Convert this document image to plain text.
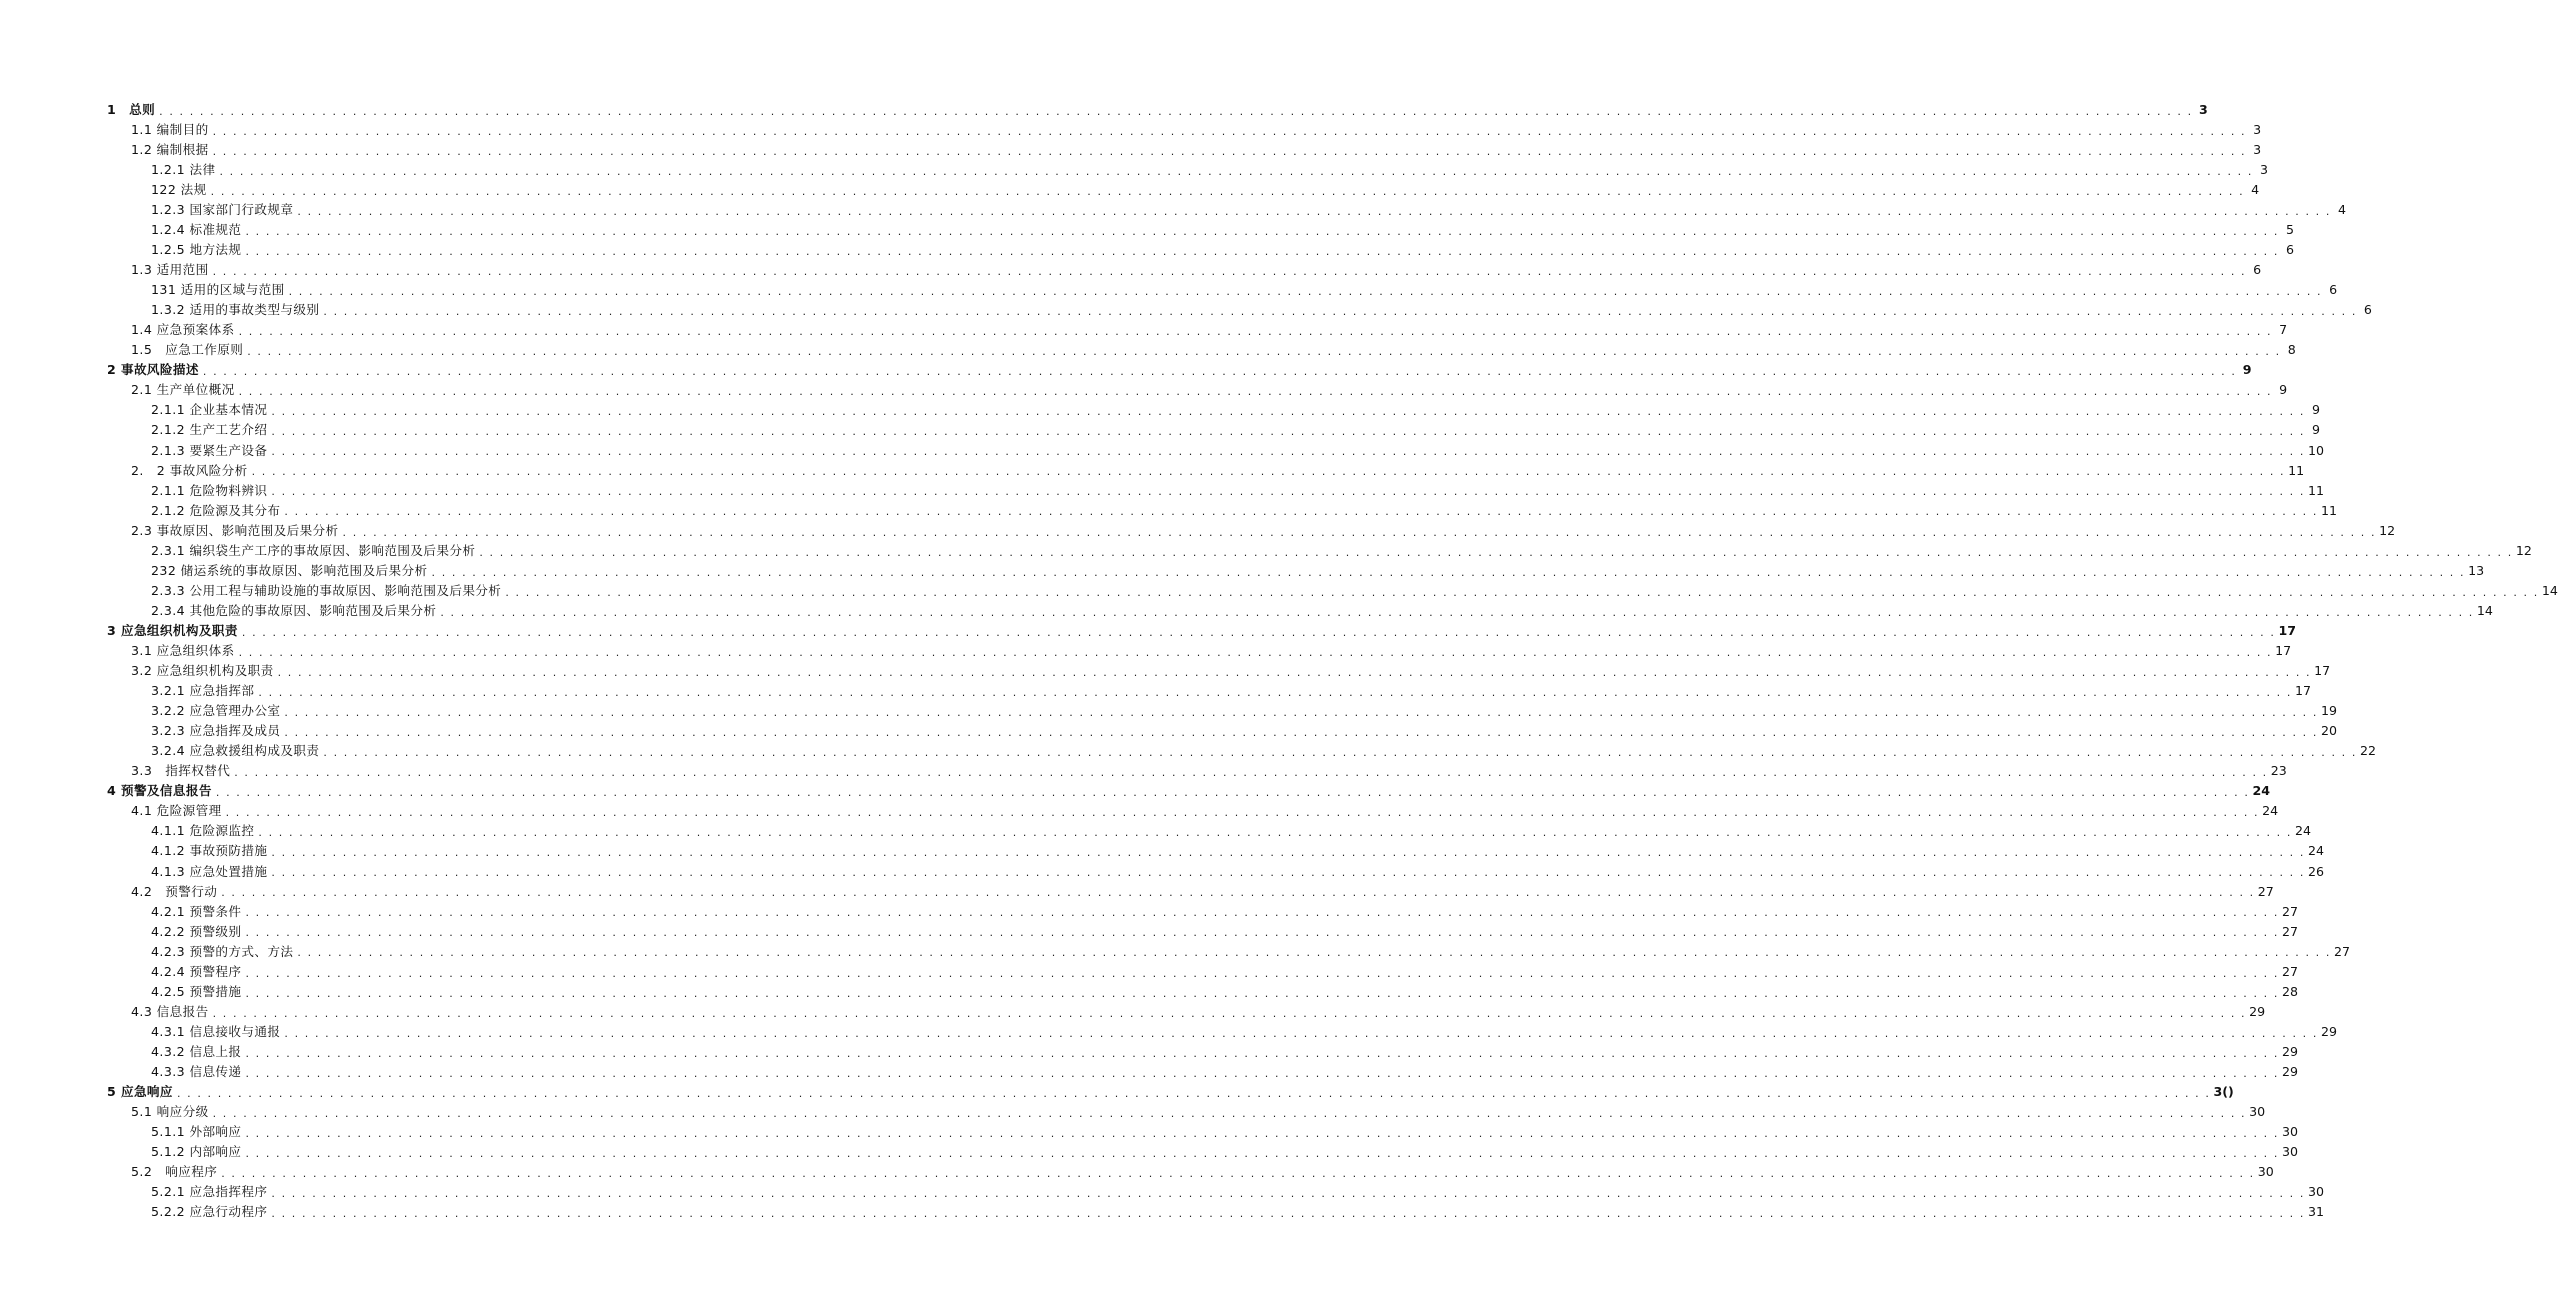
1　总则 . . . . . . . . . . . . . . . . . . . . . . . . . . . . . . . . . . . . . . . . . . . . . . . . . . . . . . . . . . . . . . . . . . . . . . . . . . . . . . . . . . . . . . . . . . . . . . . . . . . . . . . . . . . . . . . . . . . . . . . . . . . . . . . . . . . . . . . . . . . . . . . . . . . . . . . . . . . . . . . . . . . . . . . . . . . . . . . . . . . . . . . . . . . . . . . . . . . . . . . . 3
1.1 编制目的 . . . . . . . . . . . . . . . . . . . . . . . . . . . . . . . . . . . . . . . . . . . . . . . . . . . . . . . . . . . . . . . . . . . . . . . . . . . . . . . . . . . . . . . . . . . . . . . . . . . . . . . . . . . . . . . . . . . . . . . . . . . . . . . . . . . . . . . . . . . . . . . . . . . . . . . . . . . . . . . . . . . . . . . . . . . . . . . . . . . . . . . . . . . . . . . . . . . . . . . . 3
1.2 编制根据 . . . . . . . . . . . . . . . . . . . . . . . . . . . . . . . . . . . . . . . . . . . . . . . . . . . . . . . . . . . . . . . . . . . . . . . . . . . . . . . . . . . . . . . . . . . . . . . . . . . . . . . . . . . . . . . . . . . . . . . . . . . . . . . . . . . . . . . . . . . . . . . . . . . . . . . . . . . . . . . . . . . . . . . . . . . . . . . . . . . . . . . . . . . . . . . . . . . . . . . . 3
1.2.1 法律 . . . . . . . . . . . . . . . . . . . . . . . . . . . . . . . . . . . . . . . . . . . . . . . . . . . . . . . . . . . . . . . . . . . . . . . . . . . . . . . . . . . . . . . . . . . . . . . . . . . . . . . . . . . . . . . . . . . . . . . . . . . . . . . . . . . . . . . . . . . . . . . . . . . . . . . . . . . . . . . . . . . . . . . . . . . . . . . . . . . . . . . . . . . . . . . . . . . . . . . . 3
122 法规 . . . . . . . . . . . . . . . . . . . . . . . . . . . . . . . . . . . . . . . . . . . . . . . . . . . . . . . . . . . . . . . . . . . . . . . . . . . . . . . . . . . . . . . . . . . . . . . . . . . . . . . . . . . . . . . . . . . . . . . . . . . . . . . . . . . . . . . . . . . . . . . . . . . . . . . . . . . . . . . . . . . . . . . . . . . . . . . . . . . . . . . . . . . . . . . . . . . . . . . . 4
1.2.3 国家部门行政规章 . . . . . . . . . . . . . . . . . . . . . . . . . . . . . . . . . . . . . . . . . . . . . . . . . . . . . . . . . . . . . . . . . . . . . . . . . . . . . . . . . . . . . . . . . . . . . . . . . . . . . . . . . . . . . . . . . . . . . . . . . . . . . . . . . . . . . . . . . . . . . . . . . . . . . . . . . . . . . . . . . . . . . . . . . . . . . . . . . . . . . . . . . . . . . . . . . . . . . . . . 4
1.2.4 标准规范 . . . . . . . . . . . . . . . . . . . . . . . . . . . . . . . . . . . . . . . . . . . . . . . . . . . . . . . . . . . . . . . . . . . . . . . . . . . . . . . . . . . . . . . . . . . . . . . . . . . . . . . . . . . . . . . . . . . . . . . . . . . . . . . . . . . . . . . . . . . . . . . . . . . . . . . . . . . . . . . . . . . . . . . . . . . . . . . . . . . . . . . . . . . . . . . . . . . . . . . . 5
1.2.5 地方法规 . . . . . . . . . . . . . . . . . . . . . . . . . . . . . . . . . . . . . . . . . . . . . . . . . . . . . . . . . . . . . . . . . . . . . . . . . . . . . . . . . . . . . . . . . . . . . . . . . . . . . . . . . . . . . . . . . . . . . . . . . . . . . . . . . . . . . . . . . . . . . . . . . . . . . . . . . . . . . . . . . . . . . . . . . . . . . . . . . . . . . . . . . . . . . . . . . . . . . . . . 6
1.3 适用范围 . . . . . . . . . . . . . . . . . . . . . . . . . . . . . . . . . . . . . . . . . . . . . . . . . . . . . . . . . . . . . . . . . . . . . . . . . . . . . . . . . . . . . . . . . . . . . . . . . . . . . . . . . . . . . . . . . . . . . . . . . . . . . . . . . . . . . . . . . . . . . . . . . . . . . . . . . . . . . . . . . . . . . . . . . . . . . . . . . . . . . . . . . . . . . . . . . . . . . . . . 6
131 适用的区域与范围 . . . . . . . . . . . . . . . . . . . . . . . . . . . . . . . . . . . . . . . . . . . . . . . . . . . . . . . . . . . . . . . . . . . . . . . . . . . . . . . . . . . . . . . . . . . . . . . . . . . . . . . . . . . . . . . . . . . . . . . . . . . . . . . . . . . . . . . . . . . . . . . . . . . . . . . . . . . . . . . . . . . . . . . . . . . . . . . . . . . . . . . . . . . . . . . . . . . . . . . . 6
1.3.2 适用的事故类型与级别 . . . . . . . . . . . . . . . . . . . . . . . . . . . . . . . . . . . . . . . . . . . . . . . . . . . . . . . . . . . . . . . . . . . . . . . . . . . . . . . . . . . . . . . . . . . . . . . . . . . . . . . . . . . . . . . . . . . . . . . . . . . . . . . . . . . . . . . . . . . . . . . . . . . . . . . . . . . . . . . . . . . . . . . . . . . . . . . . . . . . . . . . . . . . . . . . . . . . . . . . 6
1.4 应急预案体系 . . . . . . . . . . . . . . . . . . . . . . . . . . . . . . . . . . . . . . . . . . . . . . . . . . . . . . . . . . . . . . . . . . . . . . . . . . . . . . . . . . . . . . . . . . . . . . . . . . . . . . . . . . . . . . . . . . . . . . . . . . . . . . . . . . . . . . . . . . . . . . . . . . . . . . . . . . . . . . . . . . . . . . . . . . . . . . . . . . . . . . . . . . . . . . . . . . . . . . . . 7
1.5　应急工作原则 . . . . . . . . . . . . . . . . . . . . . . . . . . . . . . . . . . . . . . . . . . . . . . . . . . . . . . . . . . . . . . . . . . . . . . . . . . . . . . . . . . . . . . . . . . . . . . . . . . . . . . . . . . . . . . . . . . . . . . . . . . . . . . . . . . . . . . . . . . . . . . . . . . . . . . . . . . . . . . . . . . . . . . . . . . . . . . . . . . . . . . . . . . . . . . . . . . . . . . . . 8
2 事故风险描述 . . . . . . . . . . . . . . . . . . . . . . . . . . . . . . . . . . . . . . . . . . . . . . . . . . . . . . . . . . . . . . . . . . . . . . . . . . . . . . . . . . . . . . . . . . . . . . . . . . . . . . . . . . . . . . . . . . . . . . . . . . . . . . . . . . . . . . . . . . . . . . . . . . . . . . . . . . . . . . . . . . . . . . . . . . . . . . . . . . . . . . . . . . . . . . . . . . . . . . . . 9
2.1 生产单位概况 . . . . . . . . . . . . . . . . . . . . . . . . . . . . . . . . . . . . . . . . . . . . . . . . . . . . . . . . . . . . . . . . . . . . . . . . . . . . . . . . . . . . . . . . . . . . . . . . . . . . . . . . . . . . . . . . . . . . . . . . . . . . . . . . . . . . . . . . . . . . . . . . . . . . . . . . . . . . . . . . . . . . . . . . . . . . . . . . . . . . . . . . . . . . . . . . . . . . . . . . 9
2.1.1 企业基本情况 . . . . . . . . . . . . . . . . . . . . . . . . . . . . . . . . . . . . . . . . . . . . . . . . . . . . . . . . . . . . . . . . . . . . . . . . . . . . . . . . . . . . . . . . . . . . . . . . . . . . . . . . . . . . . . . . . . . . . . . . . . . . . . . . . . . . . . . . . . . . . . . . . . . . . . . . . . . . . . . . . . . . . . . . . . . . . . . . . . . . . . . . . . . . . . . . . . . . . . . . 9
2.1.2 生产工艺介绍 . . . . . . . . . . . . . . . . . . . . . . . . . . . . . . . . . . . . . . . . . . . . . . . . . . . . . . . . . . . . . . . . . . . . . . . . . . . . . . . . . . . . . . . . . . . . . . . . . . . . . . . . . . . . . . . . . . . . . . . . . . . . . . . . . . . . . . . . . . . . . . . . . . . . . . . . . . . . . . . . . . . . . . . . . . . . . . . . . . . . . . . . . . . . . . . . . . . . . . . . 9
2.1.3 要紧生产设备 . . . . . . . . . . . . . . . . . . . . . . . . . . . . . . . . . . . . . . . . . . . . . . . . . . . . . . . . . . . . . . . . . . . . . . . . . . . . . . . . . . . . . . . . . . . . . . . . . . . . . . . . . . . . . . . . . . . . . . . . . . . . . . . . . . . . . . . . . . . . . . . . . . . . . . . . . . . . . . . . . . . . . . . . . . . . . . . . . . . . . . . . . . . . . . . . . . . . . . . . 10
2.　2 事故风险分析 . . . . . . . . . . . . . . . . . . . . . . . . . . . . . . . . . . . . . . . . . . . . . . . . . . . . . . . . . . . . . . . . . . . . . . . . . . . . . . . . . . . . . . . . . . . . . . . . . . . . . . . . . . . . . . . . . . . . . . . . . . . . . . . . . . . . . . . . . . . . . . . . . . . . . . . . . . . . . . . . . . . . . . . . . . . . . . . . . . . . . . . . . . . . . . . . . . . . . . . . 11
2.1.1 危险物料辨识 . . . . . . . . . . . . . . . . . . . . . . . . . . . . . . . . . . . . . . . . . . . . . . . . . . . . . . . . . . . . . . . . . . . . . . . . . . . . . . . . . . . . . . . . . . . . . . . . . . . . . . . . . . . . . . . . . . . . . . . . . . . . . . . . . . . . . . . . . . . . . . . . . . . . . . . . . . . . . . . . . . . . . . . . . . . . . . . . . . . . . . . . . . . . . . . . . . . . . . . . 11
2.1.2 危险源及其分布 . . . . . . . . . . . . . . . . . . . . . . . . . . . . . . . . . . . . . . . . . . . . . . . . . . . . . . . . . . . . . . . . . . . . . . . . . . . . . . . . . . . . . . . . . . . . . . . . . . . . . . . . . . . . . . . . . . . . . . . . . . . . . . . . . . . . . . . . . . . . . . . . . . . . . . . . . . . . . . . . . . . . . . . . . . . . . . . . . . . . . . . . . . . . . . . . . . . . . . . . 11
2.3 事故原因、影响范围及后果分析 . . . . . . . . . . . . . . . . . . . . . . . . . . . . . . . . . . . . . . . . . . . . . . . . . . . . . . . . . . . . . . . . . . . . . . . . . . . . . . . . . . . . . . . . . . . . . . . . . . . . . . . . . . . . . . . . . . . . . . . . . . . . . . . . . . . . . . . . . . . . . . . . . . . . . . . . . . . . . . . . . . . . . . . . . . . . . . . . . . . . . . . . . . . . . . . . . . . . . . . . 12
2.3.1 编织袋生产工序的事故原因、影响范围及后果分析 . . . . . . . . . . . . . . . . . . . . . . . . . . . . . . . . . . . . . . . . . . . . . . . . . . . . . . . . . . . . . . . . . . . . . . . . . . . . . . . . . . . . . . . . . . . . . . . . . . . . . . . . . . . . . . . . . . . . . . . . . . . . . . . . . . . . . . . . . . . . . . . . . . . . . . . . . . . . . . . . . . . . . . . . . . . . . . . . . . . . . . . . . . . . . . . . . . . . . . . . 12
232 储运系统的事故原因、影响范围及后果分析 . . . . . . . . . . . . . . . . . . . . . . . . . . . . . . . . . . . . . . . . . . . . . . . . . . . . . . . . . . . . . . . . . . . . . . . . . . . . . . . . . . . . . . . . . . . . . . . . . . . . . . . . . . . . . . . . . . . . . . . . . . . . . . . . . . . . . . . . . . . . . . . . . . . . . . . . . . . . . . . . . . . . . . . . . . . . . . . . . . . . . . . . . . . . . . . . . . . . . . . . 13
2.3.3 公用工程与辅助设施的事故原因、影响范围及后果分析 . . . . . . . . . . . . . . . . . . . . . . . . . . . . . . . . . . . . . . . . . . . . . . . . . . . . . . . . . . . . . . . . . . . . . . . . . . . . . . . . . . . . . . . . . . . . . . . . . . . . . . . . . . . . . . . . . . . . . . . . . . . . . . . . . . . . . . . . . . . . . . . . . . . . . . . . . . . . . . . . . . . . . . . . . . . . . . . . . . . . . . . . . . . . . . . . . . . . . . . . 14
2.3.4 其他危险的事故原因、影响范围及后果分析 . . . . . . . . . . . . . . . . . . . . . . . . . . . . . . . . . . . . . . . . . . . . . . . . . . . . . . . . . . . . . . . . . . . . . . . . . . . . . . . . . . . . . . . . . . . . . . . . . . . . . . . . . . . . . . . . . . . . . . . . . . . . . . . . . . . . . . . . . . . . . . . . . . . . . . . . . . . . . . . . . . . . . . . . . . . . . . . . . . . . . . . . . . . . . . . . . . . . . . . . 14
3 应急组织机构及职责 . . . . . . . . . . . . . . . . . . . . . . . . . . . . . . . . . . . . . . . . . . . . . . . . . . . . . . . . . . . . . . . . . . . . . . . . . . . . . . . . . . . . . . . . . . . . . . . . . . . . . . . . . . . . . . . . . . . . . . . . . . . . . . . . . . . . . . . . . . . . . . . . . . . . . . . . . . . . . . . . . . . . . . . . . . . . . . . . . . . . . . . . . . . . . . . . . . . . . . . . 17
3.1 应急组织体系 . . . . . . . . . . . . . . . . . . . . . . . . . . . . . . . . . . . . . . . . . . . . . . . . . . . . . . . . . . . . . . . . . . . . . . . . . . . . . . . . . . . . . . . . . . . . . . . . . . . . . . . . . . . . . . . . . . . . . . . . . . . . . . . . . . . . . . . . . . . . . . . . . . . . . . . . . . . . . . . . . . . . . . . . . . . . . . . . . . . . . . . . . . . . . . . . . . . . . . . . 17
3.2 应急组织机构及职责 . . . . . . . . . . . . . . . . . . . . . . . . . . . . . . . . . . . . . . . . . . . . . . . . . . . . . . . . . . . . . . . . . . . . . . . . . . . . . . . . . . . . . . . . . . . . . . . . . . . . . . . . . . . . . . . . . . . . . . . . . . . . . . . . . . . . . . . . . . . . . . . . . . . . . . . . . . . . . . . . . . . . . . . . . . . . . . . . . . . . . . . . . . . . . . . . . . . . . . . . 17
3.2.1 应急指挥部 . . . . . . . . . . . . . . . . . . . . . . . . . . . . . . . . . . . . . . . . . . . . . . . . . . . . . . . . . . . . . . . . . . . . . . . . . . . . . . . . . . . . . . . . . . . . . . . . . . . . . . . . . . . . . . . . . . . . . . . . . . . . . . . . . . . . . . . . . . . . . . . . . . . . . . . . . . . . . . . . . . . . . . . . . . . . . . . . . . . . . . . . . . . . . . . . . . . . . . . . 17
3.2.2 应急管理办公室 . . . . . . . . . . . . . . . . . . . . . . . . . . . . . . . . . . . . . . . . . . . . . . . . . . . . . . . . . . . . . . . . . . . . . . . . . . . . . . . . . . . . . . . . . . . . . . . . . . . . . . . . . . . . . . . . . . . . . . . . . . . . . . . . . . . . . . . . . . . . . . . . . . . . . . . . . . . . . . . . . . . . . . . . . . . . . . . . . . . . . . . . . . . . . . . . . . . . . . . . 19
3.2.3 应急指挥及成员 . . . . . . . . . . . . . . . . . . . . . . . . . . . . . . . . . . . . . . . . . . . . . . . . . . . . . . . . . . . . . . . . . . . . . . . . . . . . . . . . . . . . . . . . . . . . . . . . . . . . . . . . . . . . . . . . . . . . . . . . . . . . . . . . . . . . . . . . . . . . . . . . . . . . . . . . . . . . . . . . . . . . . . . . . . . . . . . . . . . . . . . . . . . . . . . . . . . . . . . . 20
3.2.4 应急救援组构成及职责 . . . . . . . . . . . . . . . . . . . . . . . . . . . . . . . . . . . . . . . . . . . . . . . . . . . . . . . . . . . . . . . . . . . . . . . . . . . . . . . . . . . . . . . . . . . . . . . . . . . . . . . . . . . . . . . . . . . . . . . . . . . . . . . . . . . . . . . . . . . . . . . . . . . . . . . . . . . . . . . . . . . . . . . . . . . . . . . . . . . . . . . . . . . . . . . . . . . . . . . . 22
3.3　指挥权替代 . . . . . . . . . . . . . . . . . . . . . . . . . . . . . . . . . . . . . . . . . . . . . . . . . . . . . . . . . . . . . . . . . . . . . . . . . . . . . . . . . . . . . . . . . . . . . . . . . . . . . . . . . . . . . . . . . . . . . . . . . . . . . . . . . . . . . . . . . . . . . . . . . . . . . . . . . . . . . . . . . . . . . . . . . . . . . . . . . . . . . . . . . . . . . . . . . . . . . . . . 23
4 预警及信息报告 . . . . . . . . . . . . . . . . . . . . . . . . . . . . . . . . . . . . . . . . . . . . . . . . . . . . . . . . . . . . . . . . . . . . . . . . . . . . . . . . . . . . . . . . . . . . . . . . . . . . . . . . . . . . . . . . . . . . . . . . . . . . . . . . . . . . . . . . . . . . . . . . . . . . . . . . . . . . . . . . . . . . . . . . . . . . . . . . . . . . . . . . . . . . . . . . . . . . . . . . 24
4.1 危险源管理 . . . . . . . . . . . . . . . . . . . . . . . . . . . . . . . . . . . . . . . . . . . . . . . . . . . . . . . . . . . . . . . . . . . . . . . . . . . . . . . . . . . . . . . . . . . . . . . . . . . . . . . . . . . . . . . . . . . . . . . . . . . . . . . . . . . . . . . . . . . . . . . . . . . . . . . . . . . . . . . . . . . . . . . . . . . . . . . . . . . . . . . . . . . . . . . . . . . . . . . . 24
4.1.1 危险源监控 . . . . . . . . . . . . . . . . . . . . . . . . . . . . . . . . . . . . . . . . . . . . . . . . . . . . . . . . . . . . . . . . . . . . . . . . . . . . . . . . . . . . . . . . . . . . . . . . . . . . . . . . . . . . . . . . . . . . . . . . . . . . . . . . . . . . . . . . . . . . . . . . . . . . . . . . . . . . . . . . . . . . . . . . . . . . . . . . . . . . . . . . . . . . . . . . . . . . . . . . 24
4.1.2 事故预防措施 . . . . . . . . . . . . . . . . . . . . . . . . . . . . . . . . . . . . . . . . . . . . . . . . . . . . . . . . . . . . . . . . . . . . . . . . . . . . . . . . . . . . . . . . . . . . . . . . . . . . . . . . . . . . . . . . . . . . . . . . . . . . . . . . . . . . . . . . . . . . . . . . . . . . . . . . . . . . . . . . . . . . . . . . . . . . . . . . . . . . . . . . . . . . . . . . . . . . . . . . 24
4.1.3 应急处置措施 . . . . . . . . . . . . . . . . . . . . . . . . . . . . . . . . . . . . . . . . . . . . . . . . . . . . . . . . . . . . . . . . . . . . . . . . . . . . . . . . . . . . . . . . . . . . . . . . . . . . . . . . . . . . . . . . . . . . . . . . . . . . . . . . . . . . . . . . . . . . . . . . . . . . . . . . . . . . . . . . . . . . . . . . . . . . . . . . . . . . . . . . . . . . . . . . . . . . . . . . 26
4.2　预警行动 . . . . . . . . . . . . . . . . . . . . . . . . . . . . . . . . . . . . . . . . . . . . . . . . . . . . . . . . . . . . . . . . . . . . . . . . . . . . . . . . . . . . . . . . . . . . . . . . . . . . . . . . . . . . . . . . . . . . . . . . . . . . . . . . . . . . . . . . . . . . . . . . . . . . . . . . . . . . . . . . . . . . . . . . . . . . . . . . . . . . . . . . . . . . . . . . . . . . . . . . 27
4.2.1 预警条件 . . . . . . . . . . . . . . . . . . . . . . . . . . . . . . . . . . . . . . . . . . . . . . . . . . . . . . . . . . . . . . . . . . . . . . . . . . . . . . . . . . . . . . . . . . . . . . . . . . . . . . . . . . . . . . . . . . . . . . . . . . . . . . . . . . . . . . . . . . . . . . . . . . . . . . . . . . . . . . . . . . . . . . . . . . . . . . . . . . . . . . . . . . . . . . . . . . . . . . . . 27
4.2.2 预警级别 . . . . . . . . . . . . . . . . . . . . . . . . . . . . . . . . . . . . . . . . . . . . . . . . . . . . . . . . . . . . . . . . . . . . . . . . . . . . . . . . . . . . . . . . . . . . . . . . . . . . . . . . . . . . . . . . . . . . . . . . . . . . . . . . . . . . . . . . . . . . . . . . . . . . . . . . . . . . . . . . . . . . . . . . . . . . . . . . . . . . . . . . . . . . . . . . . . . . . . . . 27
4.2.3 预警的方式、方法 . . . . . . . . . . . . . . . . . . . . . . . . . . . . . . . . . . . . . . . . . . . . . . . . . . . . . . . . . . . . . . . . . . . . . . . . . . . . . . . . . . . . . . . . . . . . . . . . . . . . . . . . . . . . . . . . . . . . . . . . . . . . . . . . . . . . . . . . . . . . . . . . . . . . . . . . . . . . . . . . . . . . . . . . . . . . . . . . . . . . . . . . . . . . . . . . . . . . . . . . 27
4.2.4 预警程序 . . . . . . . . . . . . . . . . . . . . . . . . . . . . . . . . . . . . . . . . . . . . . . . . . . . . . . . . . . . . . . . . . . . . . . . . . . . . . . . . . . . . . . . . . . . . . . . . . . . . . . . . . . . . . . . . . . . . . . . . . . . . . . . . . . . . . . . . . . . . . . . . . . . . . . . . . . . . . . . . . . . . . . . . . . . . . . . . . . . . . . . . . . . . . . . . . . . . . . . . 27
4.2.5 预警措施 . . . . . . . . . . . . . . . . . . . . . . . . . . . . . . . . . . . . . . . . . . . . . . . . . . . . . . . . . . . . . . . . . . . . . . . . . . . . . . . . . . . . . . . . . . . . . . . . . . . . . . . . . . . . . . . . . . . . . . . . . . . . . . . . . . . . . . . . . . . . . . . . . . . . . . . . . . . . . . . . . . . . . . . . . . . . . . . . . . . . . . . . . . . . . . . . . . . . . . . . 28
4.3 信息报告 . . . . . . . . . . . . . . . . . . . . . . . . . . . . . . . . . . . . . . . . . . . . . . . . . . . . . . . . . . . . . . . . . . . . . . . . . . . . . . . . . . . . . . . . . . . . . . . . . . . . . . . . . . . . . . . . . . . . . . . . . . . . . . . . . . . . . . . . . . . . . . . . . . . . . . . . . . . . . . . . . . . . . . . . . . . . . . . . . . . . . . . . . . . . . . . . . . . . . . . . 29
4.3.1 信息接收与通报 . . . . . . . . . . . . . . . . . . . . . . . . . . . . . . . . . . . . . . . . . . . . . . . . . . . . . . . . . . . . . . . . . . . . . . . . . . . . . . . . . . . . . . . . . . . . . . . . . . . . . . . . . . . . . . . . . . . . . . . . . . . . . . . . . . . . . . . . . . . . . . . . . . . . . . . . . . . . . . . . . . . . . . . . . . . . . . . . . . . . . . . . . . . . . . . . . . . . . . . . 29
4.3.2 信息上报 . . . . . . . . . . . . . . . . . . . . . . . . . . . . . . . . . . . . . . . . . . . . . . . . . . . . . . . . . . . . . . . . . . . . . . . . . . . . . . . . . . . . . . . . . . . . . . . . . . . . . . . . . . . . . . . . . . . . . . . . . . . . . . . . . . . . . . . . . . . . . . . . . . . . . . . . . . . . . . . . . . . . . . . . . . . . . . . . . . . . . . . . . . . . . . . . . . . . . . . . 29
4.3.3 信息传递 . . . . . . . . . . . . . . . . . . . . . . . . . . . . . . . . . . . . . . . . . . . . . . . . . . . . . . . . . . . . . . . . . . . . . . . . . . . . . . . . . . . . . . . . . . . . . . . . . . . . . . . . . . . . . . . . . . . . . . . . . . . . . . . . . . . . . . . . . . . . . . . . . . . . . . . . . . . . . . . . . . . . . . . . . . . . . . . . . . . . . . . . . . . . . . . . . . . . . . . . 29
5 应急响应 . . . . . . . . . . . . . . . . . . . . . . . . . . . . . . . . . . . . . . . . . . . . . . . . . . . . . . . . . . . . . . . . . . . . . . . . . . . . . . . . . . . . . . . . . . . . . . . . . . . . . . . . . . . . . . . . . . . . . . . . . . . . . . . . . . . . . . . . . . . . . . . . . . . . . . . . . . . . . . . . . . . . . . . . . . . . . . . . . . . . . . . . . . . . . . . . . . . . . . . . 3()
5.1 响应分级 . . . . . . . . . . . . . . . . . . . . . . . . . . . . . . . . . . . . . . . . . . . . . . . . . . . . . . . . . . . . . . . . . . . . . . . . . . . . . . . . . . . . . . . . . . . . . . . . . . . . . . . . . . . . . . . . . . . . . . . . . . . . . . . . . . . . . . . . . . . . . . . . . . . . . . . . . . . . . . . . . . . . . . . . . . . . . . . . . . . . . . . . . . . . . . . . . . . . . . . . 30
5.1.1 外部响应 . . . . . . . . . . . . . . . . . . . . . . . . . . . . . . . . . . . . . . . . . . . . . . . . . . . . . . . . . . . . . . . . . . . . . . . . . . . . . . . . . . . . . . . . . . . . . . . . . . . . . . . . . . . . . . . . . . . . . . . . . . . . . . . . . . . . . . . . . . . . . . . . . . . . . . . . . . . . . . . . . . . . . . . . . . . . . . . . . . . . . . . . . . . . . . . . . . . . . . . . 30
5.1.2 内部响应 . . . . . . . . . . . . . . . . . . . . . . . . . . . . . . . . . . . . . . . . . . . . . . . . . . . . . . . . . . . . . . . . . . . . . . . . . . . . . . . . . . . . . . . . . . . . . . . . . . . . . . . . . . . . . . . . . . . . . . . . . . . . . . . . . . . . . . . . . . . . . . . . . . . . . . . . . . . . . . . . . . . . . . . . . . . . . . . . . . . . . . . . . . . . . . . . . . . . . . . . 30
5.2　响应程序 . . . . . . . . . . . . . . . . . . . . . . . . . . . . . . . . . . . . . . . . . . . . . . . . . . . . . . . . . . . . . . . . . . . . . . . . . . . . . . . . . . . . . . . . . . . . . . . . . . . . . . . . . . . . . . . . . . . . . . . . . . . . . . . . . . . . . . . . . . . . . . . . . . . . . . . . . . . . . . . . . . . . . . . . . . . . . . . . . . . . . . . . . . . . . . . . . . . . . . . . 30
5.2.1 应急指挥程序 . . . . . . . . . . . . . . . . . . . . . . . . . . . . . . . . . . . . . . . . . . . . . . . . . . . . . . . . . . . . . . . . . . . . . . . . . . . . . . . . . . . . . . . . . . . . . . . . . . . . . . . . . . . . . . . . . . . . . . . . . . . . . . . . . . . . . . . . . . . . . . . . . . . . . . . . . . . . . . . . . . . . . . . . . . . . . . . . . . . . . . . . . . . . . . . . . . . . . . . . 30
5.2.2 应急行动程序 . . . . . . . . . . . . . . . . . . . . . . . . . . . . . . . . . . . . . . . . . . . . . . . . . . . . . . . . . . . . . . . . . . . . . . . . . . . . . . . . . . . . . . . . . . . . . . . . . . . . . . . . . . . . . . . . . . . . . . . . . . . . . . . . . . . . . . . . . . . . . . . . . . . . . . . . . . . . . . . . . . . . . . . . . . . . . . . . . . . . . . . . . . . . . . . . . . . . . . . . 31
